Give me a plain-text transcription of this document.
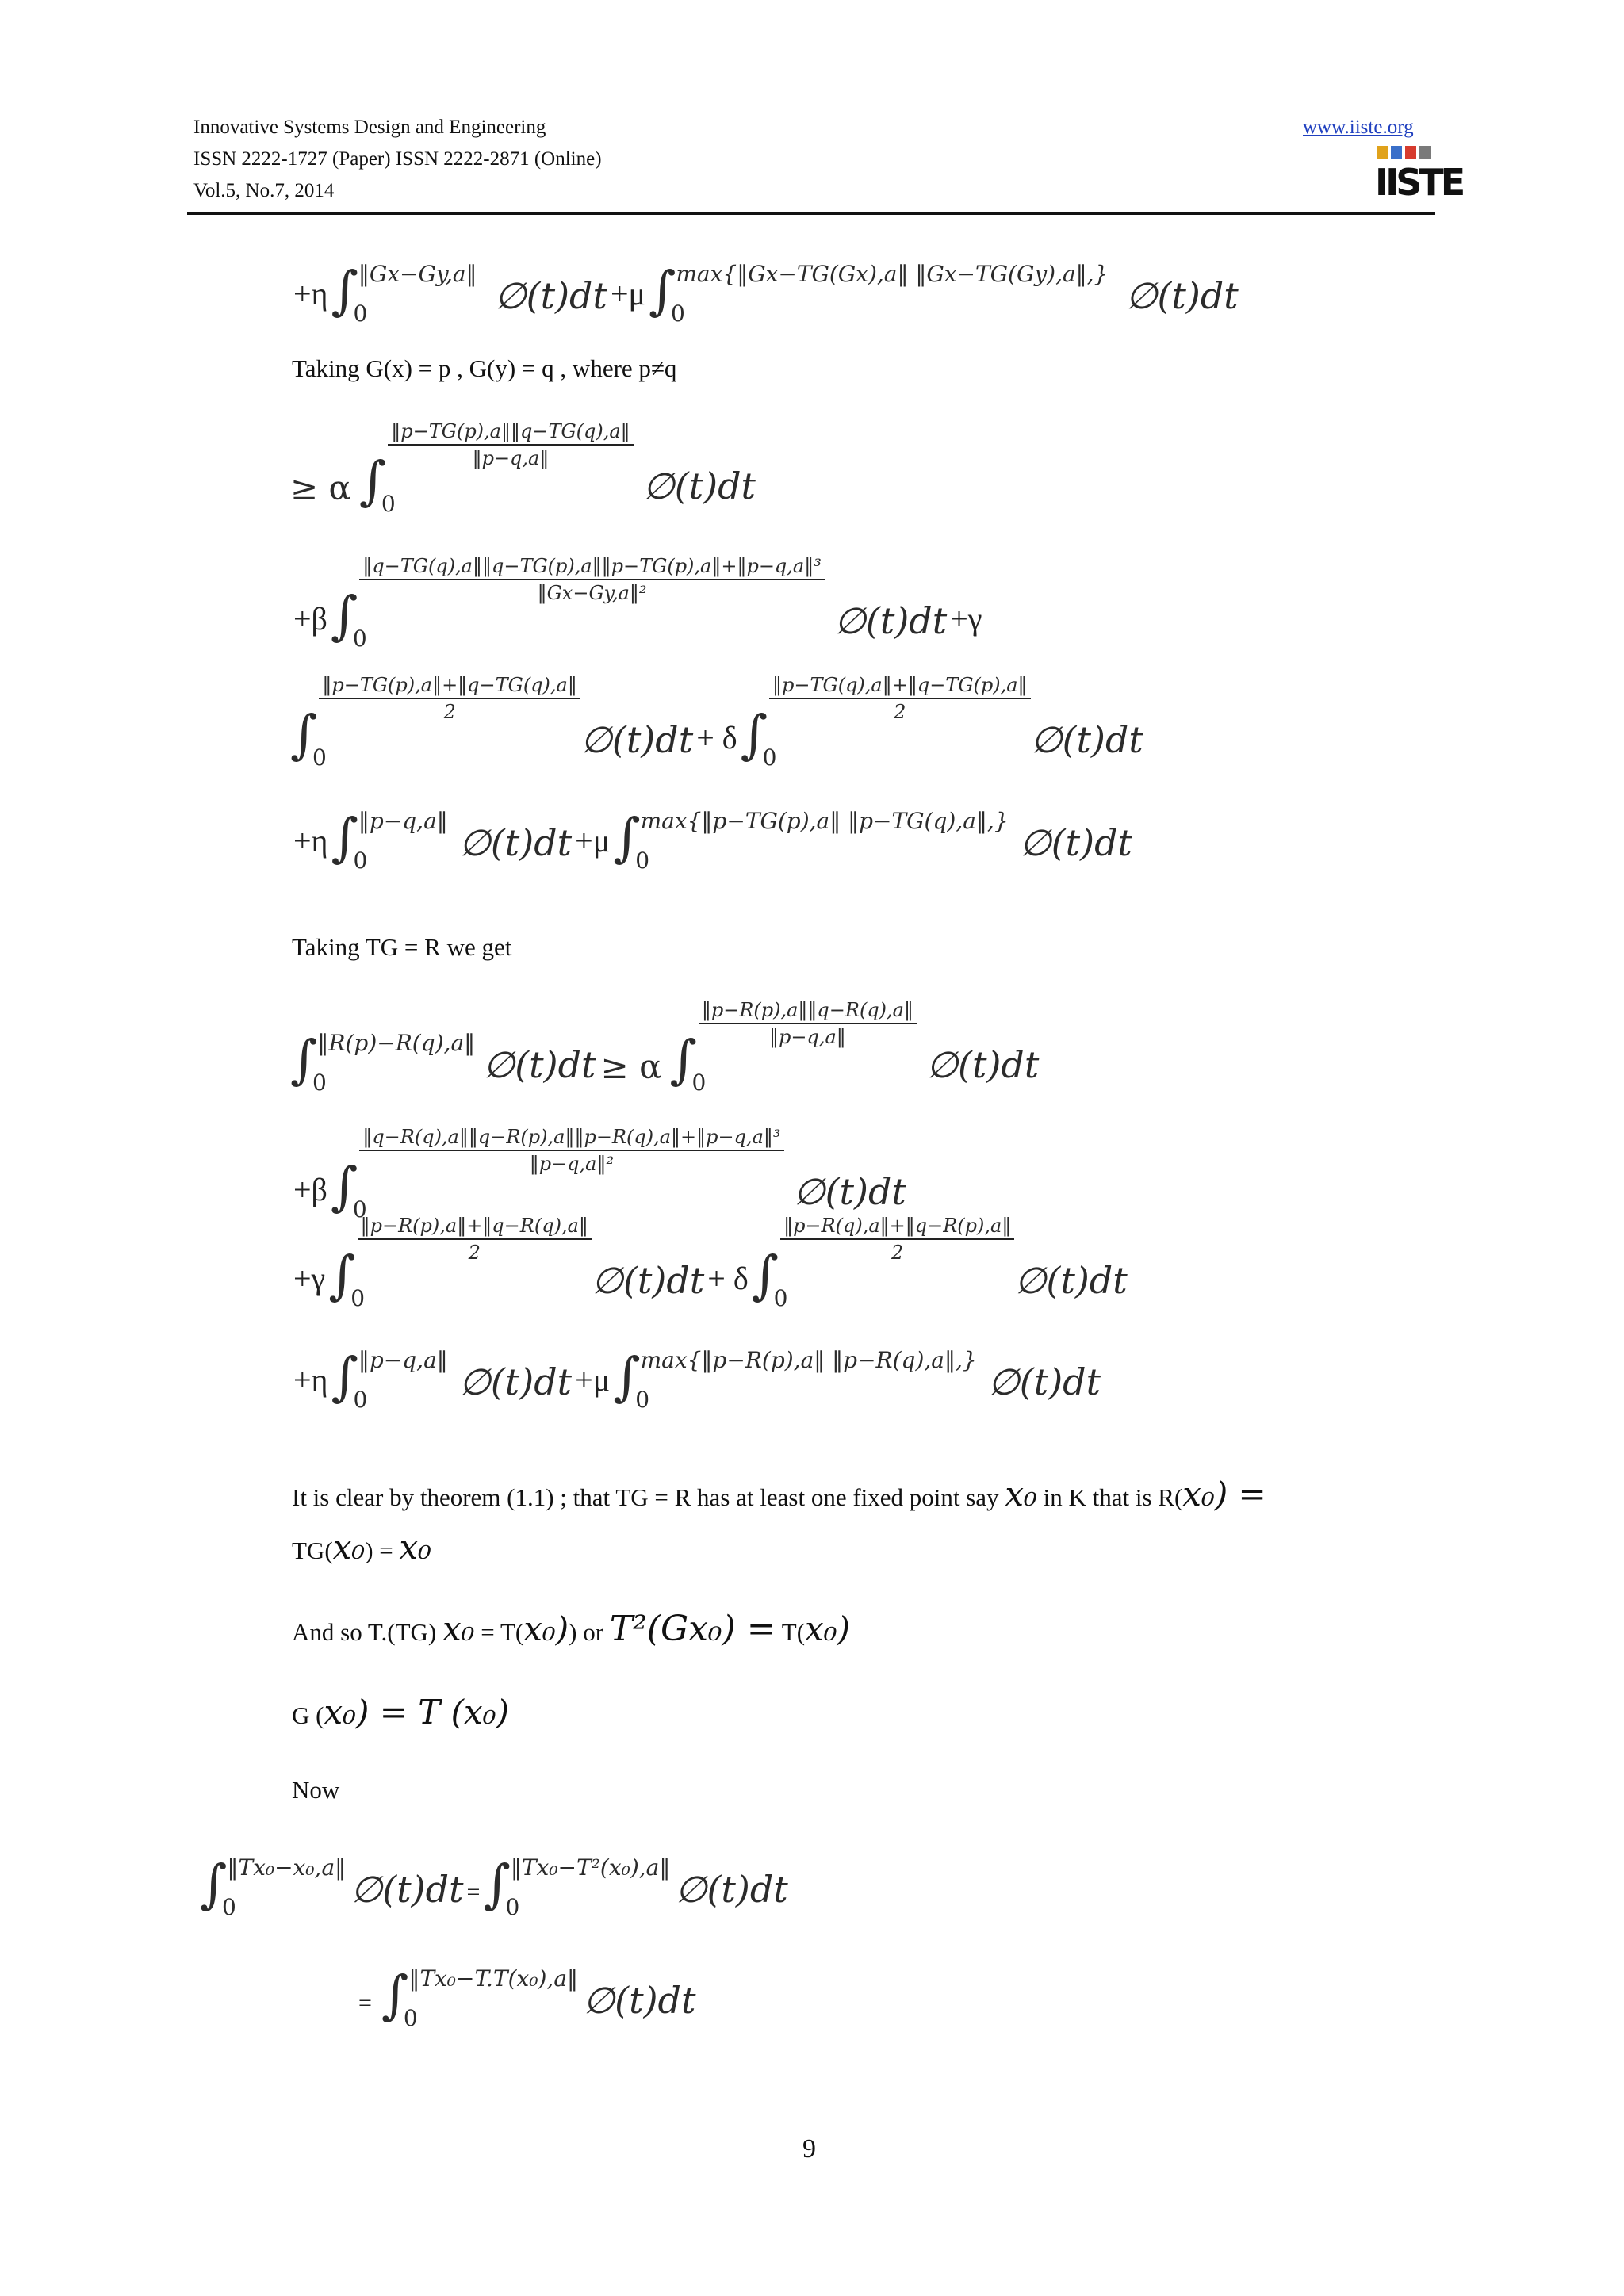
Innovative Systems Design and Engineering
ISSN 2222-1727 (Paper) ISSN 2222-2871 (Online)
Vol.5, No.7, 2014
www.iiste.org
IISTE
+η ∫
0
‖Gx−Gy,a‖
∅(t)dt +μ ∫
0
max{‖Gx−TG(Gx),a‖ ‖Gx−TG(Gy),a‖,}
∅(t)dt
Taking G(x) = p , G(y) = q , where p≠q
≥ α ∫
0
$\frac{‖p-TG(p),a‖‖q-TG(q),a‖}{‖p-q,a‖}$
∅(t)dt
+β ∫
0
$\frac{\text{‖q−TG(q),a‖‖q−TG(p),a‖‖p−TG(p),a‖+‖p−q,a‖³}}{\text{‖Gx−Gy,a‖²}}$
∅(t)dt +γ
∫
0
$\frac{‖p-TG(p),a‖+‖q-TG(q),a‖}{2}$
∅(t)dt + δ ∫
0
$\frac{‖p-TG(q),a‖+‖q-TG(p),a‖}{2}$
∅(t)dt
+η ∫
0
‖p−q,a‖
∅(t)dt +μ ∫
0
max{‖p−TG(p),a‖ ‖p−TG(q),a‖,}
∅(t)dt
Taking TG = R we get
∫
0
‖R(p)−R(q),a‖
∅(t)dt ≥ α ∫
0
$\frac{‖p-R(p),a‖‖q-R(q),a‖}{‖p-q,a‖}$
∅(t)dt
+β ∫
0
$\frac{\text{‖q−R(q),a‖‖q−R(p),a‖‖p−R(q),a‖+‖p−q,a‖³}}{\text{‖p−q,a‖²}}$
∅(t)dt
+γ ∫
0
$\frac{‖p-R(p),a‖+‖q-R(q),a‖}{2}$
∅(t)dt + δ ∫
0
$\frac{‖p-R(q),a‖+‖q-R(p),a‖}{2}$
∅(t)dt
+η ∫
0
‖p−q,a‖
∅(t)dt +μ ∫
0
max{‖p−R(p),a‖ ‖p−R(q),a‖,}
∅(t)dt
It is clear by theorem (1.1) ; that TG = R has at least one fixed point say x₀ in K that is R(x₀) =
TG(x₀) = x₀
And so T.(TG) x₀ = T(x₀)) or T²(Gx₀) = T(x₀)
G (x₀) = T (x₀)
Now
∫
0
‖Tx₀−x₀,a‖
∅(t)dt = ∫
0
‖Tx₀−T²(x₀),a‖
∅(t)dt
= ∫
0
‖Tx₀−T.T(x₀),a‖
∅(t)dt
9
